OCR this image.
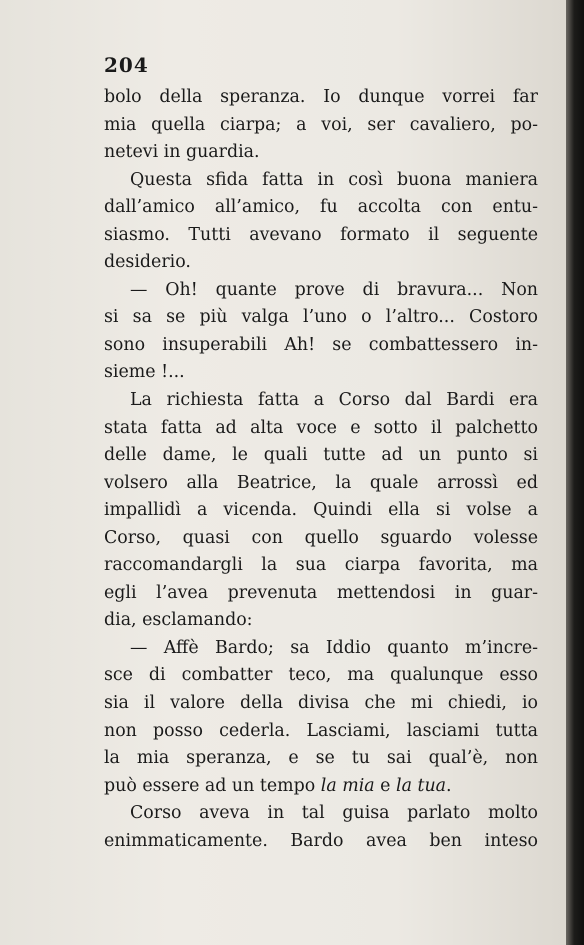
204
bolo della speranza. Io dunque vorrei far
mia quella ciarpa; a voi, ser cavaliero, po-
netevi in guardia.
Questa sfida fatta in così buona maniera
dall’amico all’amico, fu accolta con entu-
siasmo. Tutti avevano formato il seguente
desiderio.
— Oh! quante prove di bravura... Non
si sa se più valga l’uno o l’altro... Costoro
sono insuperabili Ah! se combattessero in-
sieme !...
La richiesta fatta a Corso dal Bardi era
stata fatta ad alta voce e sotto il palchetto
delle dame, le quali tutte ad un punto si
volsero alla Beatrice, la quale arrossì ed
impallidì a vicenda. Quindi ella si volse a
Corso, quasi con quello sguardo volesse
raccomandargli la sua ciarpa favorita, ma
egli l’avea prevenuta mettendosi in guar-
dia, esclamando:
— Affè Bardo; sa Iddio quanto m’incre-
sce di combatter teco, ma qualunque esso
sia il valore della divisa che mi chiedi, io
non posso cederla. Lasciami, lasciami tutta
la mia speranza, e se tu sai qual’è, non
può essere ad un tempo la mia e la tua.
Corso aveva in tal guisa parlato molto
enimmaticamente. Bardo avea ben inteso
